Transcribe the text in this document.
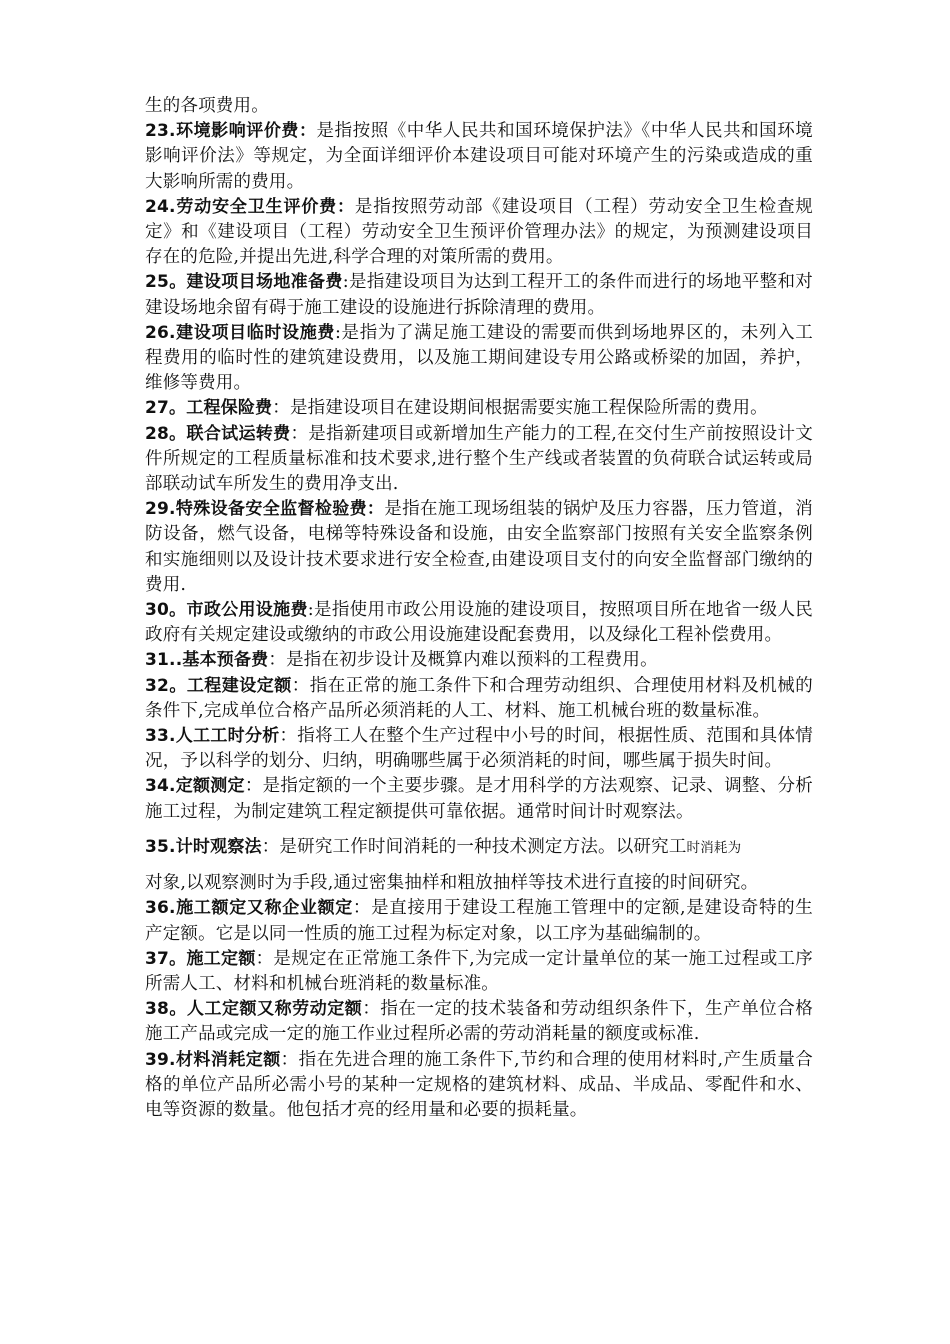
生的各项费用。

23.环境影响评价费：是指按照《中华人民共和国环境保护法》《中华人民共和国环境影响评价法》等规定，为全面详细评价本建设项目可能对环境产生的污染或造成的重大影响所需的费用。

24.劳动安全卫生评价费：是指按照劳动部《建设项目（工程）劳动安全卫生检查规定》和《建设项目（工程）劳动安全卫生预评价管理办法》的规定，为预测建设项目存在的危险,并提出先进,科学合理的对策所需的费用。

25。建设项目场地准备费:是指建设项目为达到工程开工的条件而进行的场地平整和对建设场地余留有碍于施工建设的设施进行拆除清理的费用。

26.建设项目临时设施费:是指为了满足施工建设的需要而供到场地界区的，未列入工程费用的临时性的建筑建设费用，以及施工期间建设专用公路或桥梁的加固，养护，维修等费用。

27。工程保险费：是指建设项目在建设期间根据需要实施工程保险所需的费用。

28。联合试运转费：是指新建项目或新增加生产能力的工程,在交付生产前按照设计文件所规定的工程质量标准和技术要求,进行整个生产线或者装置的负荷联合试运转或局部联动试车所发生的费用净支出.

29.特殊设备安全监督检验费：是指在施工现场组装的锅炉及压力容器，压力管道，消防设备，燃气设备，电梯等特殊设备和设施，由安全监察部门按照有关安全监察条例和实施细则以及设计技术要求进行安全检查,由建设项目支付的向安全监督部门缴纳的费用.

30。市政公用设施费:是指使用市政公用设施的建设项目，按照项目所在地省一级人民政府有关规定建设或缴纳的市政公用设施建设配套费用，以及绿化工程补偿费用。

31..基本预备费：是指在初步设计及概算内难以预料的工程费用。

32。工程建设定额：指在正常的施工条件下和合理劳动组织、合理使用材料及机械的条件下,完成单位合格产品所必须消耗的人工、材料、施工机械台班的数量标准。

33.人工工时分析：指将工人在整个生产过程中小号的时间，根据性质、范围和具体情况，予以科学的划分、归纳，明确哪些属于必须消耗的时间，哪些属于损失时间。

34.定额测定：是指定额的一个主要步骤。是才用科学的方法观察、记录、调整、分析施工过程，为制定建筑工程定额提供可靠依据。通常时间计时观察法。

35.计时观察法：是研究工作时间消耗的一种技术测定方法。以研究工时消耗为

对象,以观察测时为手段,通过密集抽样和粗放抽样等技术进行直接的时间研究。

36.施工额定又称企业额定：是直接用于建设工程施工管理中的定额,是建设奇特的生产定额。它是以同一性质的施工过程为标定对象，以工序为基础编制的。

37。施工定额：是规定在正常施工条件下,为完成一定计量单位的某一施工过程或工序所需人工、材料和机械台班消耗的数量标准。

38。人工定额又称劳动定额：指在一定的技术装备和劳动组织条件下，生产单位合格施工产品或完成一定的施工作业过程所必需的劳动消耗量的额度或标准.

39.材料消耗定额：指在先进合理的施工条件下,节约和合理的使用材料时,产生质量合格的单位产品所必需小号的某种一定规格的建筑材料、成品、半成品、零配件和水、电等资源的数量。他包括才亮的经用量和必要的损耗量。
